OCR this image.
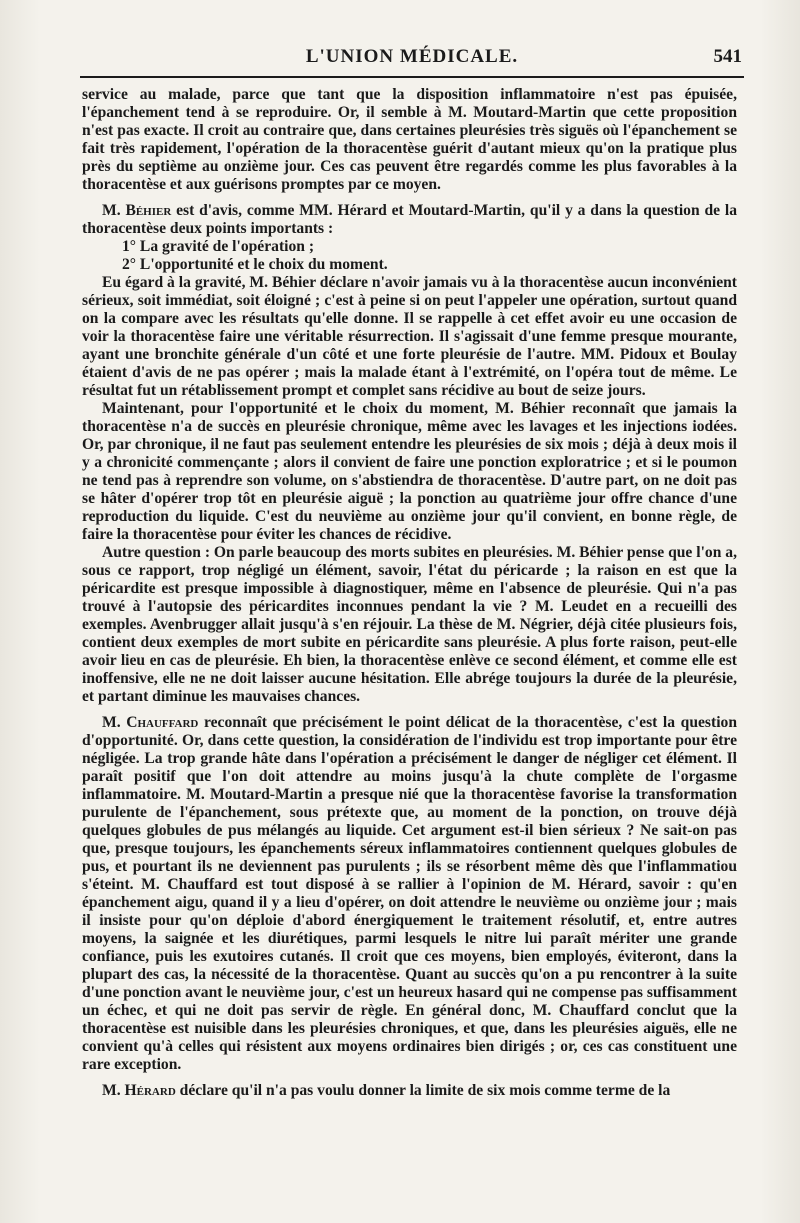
L'UNION MÉDICALE.	541

service au malade, parce que tant que la disposition inflammatoire n'est pas épuisée, l'épanchement tend à se reproduire. Or, il semble à M. Moutard-Martin que cette proposition n'est pas exacte. Il croit au contraire que, dans certaines pleurésies très siguës où l'épanchement se fait très rapidement, l'opération de la thoracentèse guérit d'autant mieux qu'on la pratique plus près du septième au onzième jour. Ces cas peuvent être regardés comme les plus favorables à la thoracentèse et aux guérisons promptes par ce moyen.

M. Béhier est d'avis, comme MM. Hérard et Moutard-Martin, qu'il y a dans la question de la thoracentèse deux points importants :

1° La gravité de l'opération ;

2° L'opportunité et le choix du moment.

Eu égard à la gravité, M. Béhier déclare n'avoir jamais vu à la thoracentèse aucun inconvénient sérieux, soit immédiat, soit éloigné ; c'est à peine si on peut l'appeler une opération, surtout quand on la compare avec les résultats qu'elle donne. Il se rappelle à cet effet avoir eu une occasion de voir la thoracentèse faire une véritable résurrection. Il s'agissait d'une femme presque mourante, ayant une bronchite générale d'un côté et une forte pleurésie de l'autre. MM. Pidoux et Boulay étaient d'avis de ne pas opérer ; mais la malade étant à l'extrémité, on l'opéra tout de même. Le résultat fut un rétablissement prompt et complet sans récidive au bout de seize jours.

Maintenant, pour l'opportunité et le choix du moment, M. Béhier reconnaît que jamais la thoracentèse n'a de succès en pleurésie chronique, même avec les lavages et les injections iodées. Or, par chronique, il ne faut pas seulement entendre les pleurésies de six mois ; déjà à deux mois il y a chronicité commençante ; alors il convient de faire une ponction exploratrice ; et si le poumon ne tend pas à reprendre son volume, on s'abstiendra de thoracentèse. D'autre part, on ne doit pas se hâter d'opérer trop tôt en pleurésie aiguë ; la ponction au quatrième jour offre chance d'une reproduction du liquide. C'est du neuvième au onzième jour qu'il convient, en bonne règle, de faire la thoracentèse pour éviter les chances de récidive.

Autre question : On parle beaucoup des morts subites en pleurésies. M. Béhier pense que l'on a, sous ce rapport, trop négligé un élément, savoir, l'état du péricarde ; la raison en est que la péricardite est presque impossible à diagnostiquer, même en l'absence de pleurésie. Qui n'a pas trouvé à l'autopsie des péricardites inconnues pendant la vie ? M. Leudet en a recueilli des exemples. Avenbrugger allait jusqu'à s'en réjouir. La thèse de M. Négrier, déjà citée plusieurs fois, contient deux exemples de mort subite en péricardite sans pleurésie. A plus forte raison, peut-elle avoir lieu en cas de pleurésie. Eh bien, la thoracentèse enlève ce second élément, et comme elle est inoffensive, elle ne ne doit laisser aucune hésitation. Elle abrége toujours la durée de la pleurésie, et partant diminue les mauvaises chances.

M. Chauffard reconnaît que précisément le point délicat de la thoracentèse, c'est la question d'opportunité. Or, dans cette question, la considération de l'individu est trop importante pour être négligée. La trop grande hâte dans l'opération a précisément le danger de négliger cet élément. Il paraît positif que l'on doit attendre au moins jusqu'à la chute complète de l'orgasme inflammatoire. M. Moutard-Martin a presque nié que la thoracentèse favorise la transformation purulente de l'épanchement, sous prétexte que, au moment de la ponction, on trouve déjà quelques globules de pus mélangés au liquide. Cet argument est-il bien sérieux ? Ne sait-on pas que, presque toujours, les épanchements séreux inflammatoires contiennent quelques globules de pus, et pourtant ils ne deviennent pas purulents ; ils se résorbent même dès que l'inflammatiou s'éteint. M. Chauffard est tout disposé à se rallier à l'opinion de M. Hérard, savoir : qu'en épanchement aigu, quand il y a lieu d'opérer, on doit attendre le neuvième ou onzième jour ; mais il insiste pour qu'on déploie d'abord énergiquement le traitement résolutif, et, entre autres moyens, la saignée et les diurétiques, parmi lesquels le nitre lui paraît mériter une grande confiance, puis les exutoires cutanés. Il croit que ces moyens, bien employés, éviteront, dans la plupart des cas, la nécessité de la thoracentèse. Quant au succès qu'on a pu rencontrer à la suite d'une ponction avant le neuvième jour, c'est un heureux hasard qui ne compense pas suffisamment un échec, et qui ne doit pas servir de règle. En général donc, M. Chauffard conclut que la thoracentèse est nuisible dans les pleurésies chroniques, et que, dans les pleurésies aiguës, elle ne convient qu'à celles qui résistent aux moyens ordinaires bien dirigés ; or, ces cas constituent une rare exception.

M. Hérard déclare qu'il n'a pas voulu donner la limite de six mois comme terme de la
